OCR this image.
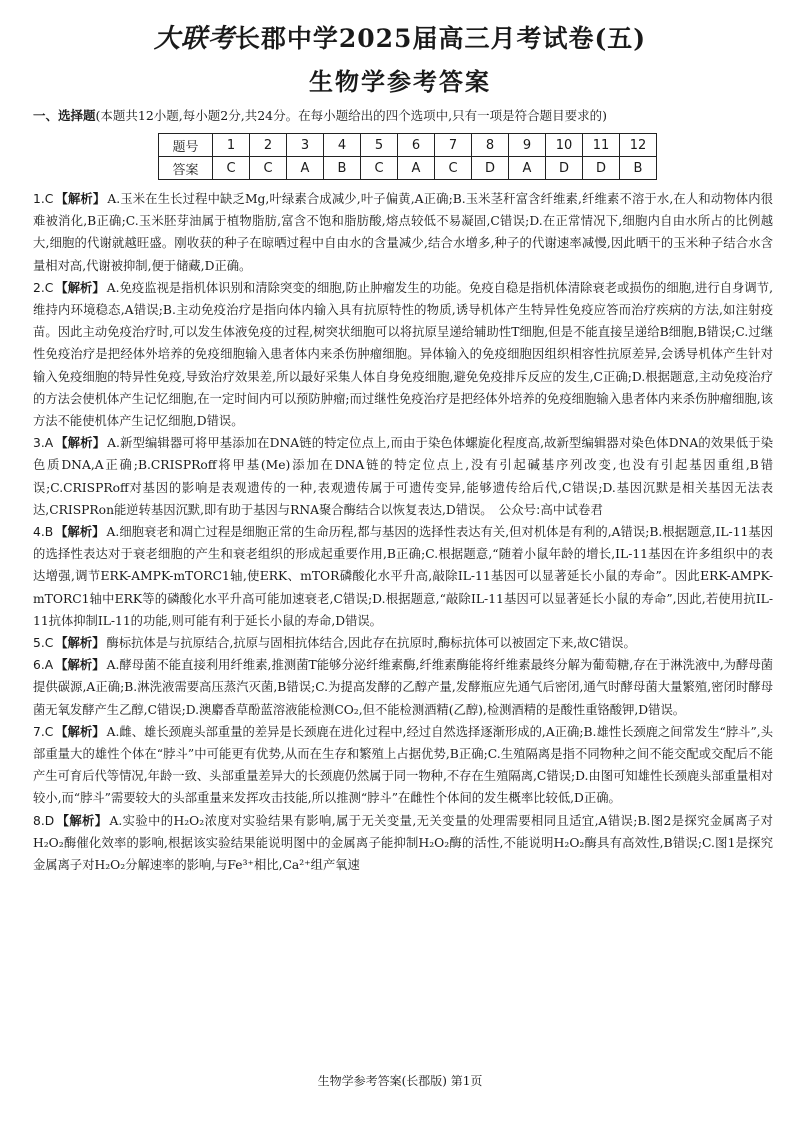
大联考长郡中学2025届高三月考试卷(五)
生物学参考答案
一、选择题(本题共12小题,每小题2分,共24分。在每小题给出的四个选项中,只有一项是符合题目要求的)
题号	1	2	3	4	5	6	7	8	9	10	11	12
答案	C	C	A	B	C	A	C	D	A	D	D	B

1.C 【解析】 A.玉米在生长过程中缺乏Mg,叶绿素合成减少,叶子偏黄,A正确;B.玉米茎秆富含纤维素,纤维素不溶于水,在人和动物体内很难被消化,B正确;C.玉米胚芽油属于植物脂肪,富含不饱和脂肪酸,熔点较低不易凝固,C错误;D.在正常情况下,细胞内自由水所占的比例越大,细胞的代谢就越旺盛。刚收获的种子在晾晒过程中自由水的含量减少,结合水增多,种子的代谢速率减慢,因此晒干的玉米种子结合水含量相对高,代谢被抑制,便于储藏,D正确。

2.C 【解析】 A.免疫监视是指机体识别和清除突变的细胞,防止肿瘤发生的功能。免疫自稳是指机体清除衰老或损伤的细胞,进行自身调节,维持内环境稳态,A错误;B.主动免疫治疗是指向体内输入具有抗原特性的物质,诱导机体产生特异性免疫应答而治疗疾病的方法,如注射疫苗。因此主动免疫治疗时,可以发生体液免疫的过程,树突状细胞可以将抗原呈递给辅助性T细胞,但是不能直接呈递给B细胞,B错误;C.过继性免疫治疗是把经体外培养的免疫细胞输入患者体内来杀伤肿瘤细胞。异体输入的免疫细胞因组织相容性抗原差异,会诱导机体产生针对输入免疫细胞的特异性免疫,导致治疗效果差,所以最好采集人体自身免疫细胞,避免免疫排斥反应的发生,C正确;D.根据题意,主动免疫治疗的方法会使机体产生记忆细胞,在一定时间内可以预防肿瘤;而过继性免疫治疗是把经体外培养的免疫细胞输入患者体内来杀伤肿瘤细胞,该方法不能使机体产生记忆细胞,D错误。

3.A 【解析】 A.新型编辑器可将甲基添加在DNA链的特定位点上,而由于染色体螺旋化程度高,故新型编辑器对染色体DNA的效果低于染色质DNA,A正确;B.CRISPRoff将甲基(Me)添加在DNA链的特定位点上,没有引起碱基序列改变,也没有引起基因重组,B错误;C.CRISPRoff对基因的影响是表观遗传的一种,表观遗传属于可遗传变异,能够遗传给后代,C错误;D.基因沉默是相关基因无法表达,CRISPRon能逆转基因沉默,即有助于基因与RNA聚合酶结合以恢复表达,D错误。 公众号:高中试卷君

4.B 【解析】 A.细胞衰老和凋亡过程是细胞正常的生命历程,都与基因的选择性表达有关,但对机体是有利的,A错误;B.根据题意,IL-11基因的选择性表达对于衰老细胞的产生和衰老组织的形成起重要作用,B正确;C.根据题意,“随着小鼠年龄的增长,IL-11基因在许多组织中的表达增强,调节ERK-AMPK-mTORC1轴,使ERK、mTOR磷酸化水平升高,敲除IL-11基因可以显著延长小鼠的寿命”。因此ERK-AMPK-mTORC1轴中ERK等的磷酸化水平升高可能加速衰老,C错误;D.根据题意,“敲除IL-11基因可以显著延长小鼠的寿命”,因此,若使用抗IL-11抗体抑制IL-11的功能,则可能有利于延长小鼠的寿命,D错误。

5.C 【解析】 酶标抗体是与抗原结合,抗原与固相抗体结合,因此存在抗原时,酶标抗体可以被固定下来,故C错误。

6.A 【解析】 A.酵母菌不能直接利用纤维素,推测菌T能够分泌纤维素酶,纤维素酶能将纤维素最终分解为葡萄糖,存在于淋洗液中,为酵母菌提供碳源,A正确;B.淋洗液需要高压蒸汽灭菌,B错误;C.为提高发酵的乙醇产量,发酵瓶应先通气后密闭,通气时酵母菌大量繁殖,密闭时酵母菌无氧发酵产生乙醇,C错误;D.澳麝香草酚蓝溶液能检测CO₂,但不能检测酒精(乙醇),检测酒精的是酸性重铬酸钾,D错误。

7.C 【解析】 A.雌、雄长颈鹿头部重量的差异是长颈鹿在进化过程中,经过自然选择逐渐形成的,A正确;B.雄性长颈鹿之间常发生“脖斗”,头部重量大的雄性个体在“脖斗”中可能更有优势,从而在生存和繁殖上占据优势,B正确;C.生殖隔离是指不同物种之间不能交配或交配后不能产生可育后代等情况,年龄一致、头部重量差异大的长颈鹿仍然属于同一物种,不存在生殖隔离,C错误;D.由图可知雄性长颈鹿头部重量相对较小,而“脖斗”需要较大的头部重量来发挥攻击技能,所以推测“脖斗”在雌性个体间的发生概率比较低,D正确。

8.D 【解析】 A.实验中的H₂O₂浓度对实验结果有影响,属于无关变量,无关变量的处理需要相同且适宜,A错误;B.图2是探究金属离子对H₂O₂酶催化效率的影响,根据该实验结果能说明图中的金属离子能抑制H₂O₂酶的活性,不能说明H₂O₂酶具有高效性,B错误;C.图1是探究金属离子对H₂O₂分解速率的影响,与Fe³⁺相比,Ca²⁺组产氧速

生物学参考答案(长郡版) 第1页
